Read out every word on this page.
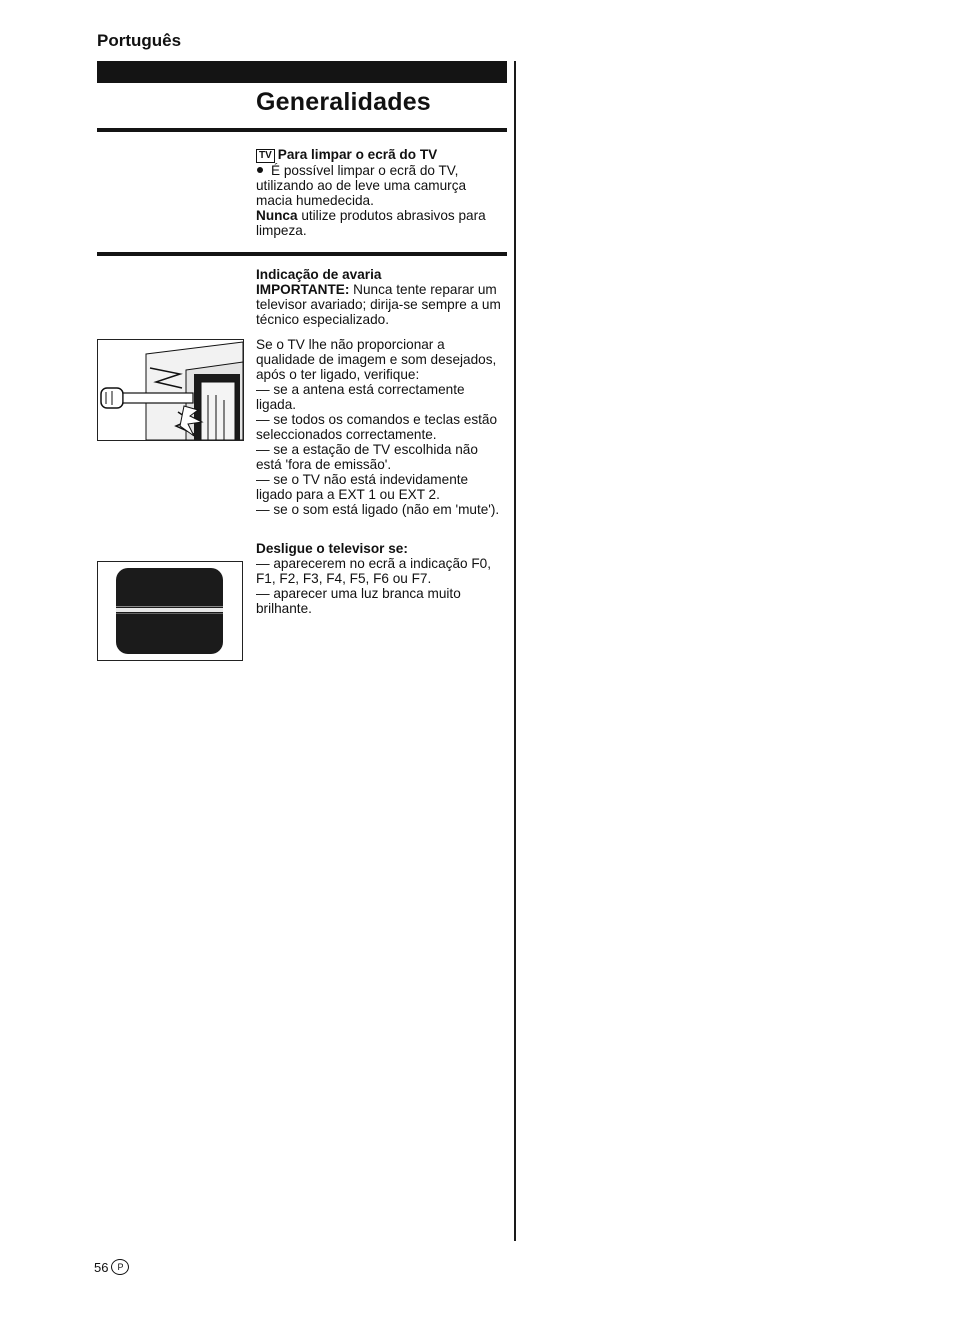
Português
Generalidades

TV Para limpar o ecrã do TV

É possível limpar o ecrã do TV, utilizando ao de leve uma camurça macia humedecida.

Nunca utilize produtos abrasivos para limpeza.

Indicação de avaria

IMPORTANTE: Nunca tente reparar um televisor avariado; dirija-se sempre a um técnico especializado.

Se o TV lhe não proporcionar a qualidade de imagem e som desejados, após o ter ligado, verifique:

— se a antena está correctamente ligada.

— se todos os comandos e teclas estão seleccionados correctamente.

— se a estação de TV escolhida não está 'fora de emissão'.

— se o TV não está indevidamente ligado para a EXT 1 ou EXT 2.

— se o som está ligado (não em 'mute').

Desligue o televisor se:

— aparecerem no ecrã a indicação F0, F1, F2, F3, F4, F5, F6 ou F7.

— aparecer uma luz branca muito brilhante.

56 P
